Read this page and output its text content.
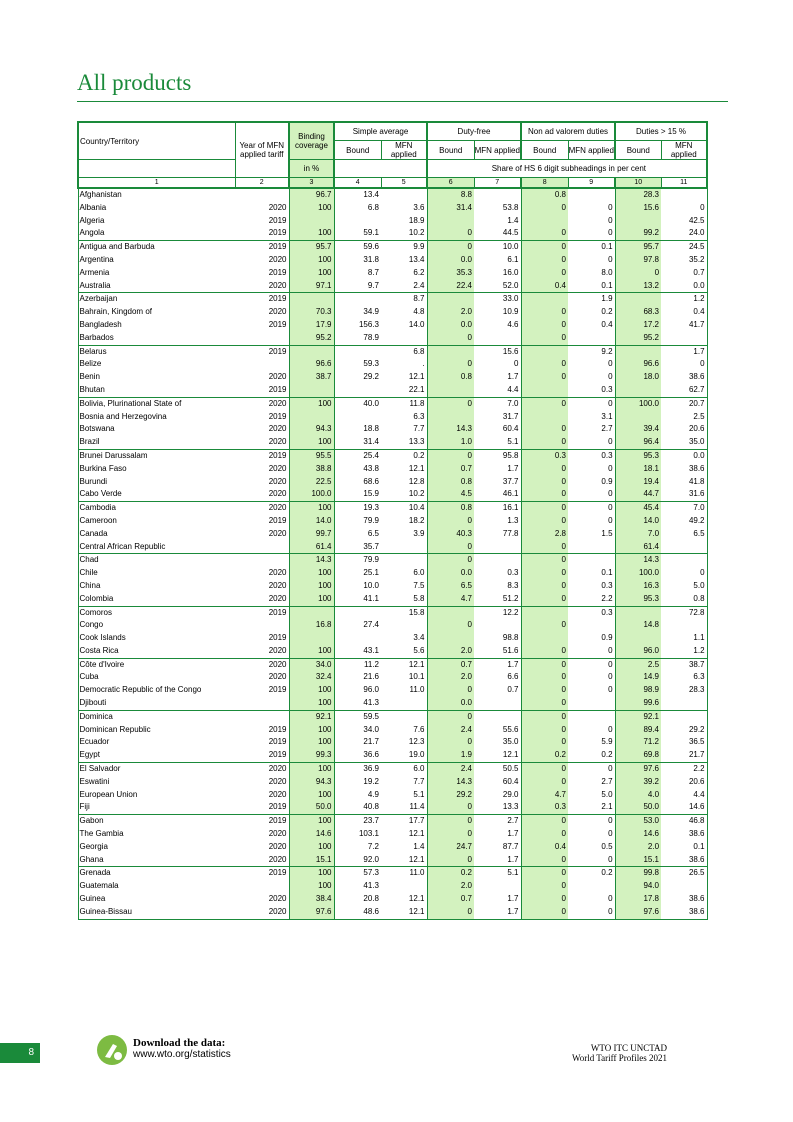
All products
Country/Territory	Year of MFN applied tariff	Binding coverage	Simple average		Duty-free		Non ad valorem duties		Duties > 15 %	
			Bound	MFN applied	Bound	MFN applied	Bound	MFN applied	Bound	MFN applied
		in %			Share of HS 6 digit subheadings in per cent					
1	2	3	4	5	6	7	8	9	10	11
Afghanistan		96.7	13.4		8.8		0.8		28.3	
Albania	2020	100	6.8	3.6	31.4	53.8	0	0	15.6	0
Algeria	2019			18.9		1.4		0		42.5
Angola	2019	100	59.1	10.2	0	44.5	0	0	99.2	24.0
Antigua and Barbuda	2019	95.7	59.6	9.9	0	10.0	0	0.1	95.7	24.5
Argentina	2020	100	31.8	13.4	0.0	6.1	0	0	97.8	35.2
Armenia	2019	100	8.7	6.2	35.3	16.0	0	8.0	0	0.7
Australia	2020	97.1	9.7	2.4	22.4	52.0	0.4	0.1	13.2	0.0
Azerbaijan	2019			8.7		33.0		1.9		1.2
Bahrain, Kingdom of	2020	70.3	34.9	4.8	2.0	10.9	0	0.2	68.3	0.4
Bangladesh	2019	17.9	156.3	14.0	0.0	4.6	0	0.4	17.2	41.7
Barbados		95.2	78.9		0		0		95.2	
Belarus	2019			6.8		15.6		9.2		1.7
Belize		96.6	59.3	.	0	0	0	0	96.6	0
Benin	2020	38.7	29.2	12.1	0.8	1.7	0	0	18.0	38.6
Bhutan	2019			22.1		4.4		0.3		62.7
Bolivia, Plurinational State of	2020	100	40.0	11.8	0	7.0	0	0	100.0	20.7
Bosnia and Herzegovina	2019			6.3		31.7		3.1		2.5
Botswana	2020	94.3	18.8	7.7	14.3	60.4	0	2.7	39.4	20.6
Brazil	2020	100	31.4	13.3	1.0	5.1	0	0	96.4	35.0
Brunei Darussalam	2019	95.5	25.4	0.2	0	95.8	0.3	0.3	95.3	0.0
Burkina Faso	2020	38.8	43.8	12.1	0.7	1.7	0	0	18.1	38.6
Burundi	2020	22.5	68.6	12.8	0.8	37.7	0	0.9	19.4	41.8
Cabo Verde	2020	100.0	15.9	10.2	4.5	46.1	0	0	44.7	31.6
Cambodia	2020	100	19.3	10.4	0.8	16.1	0	0	45.4	7.0
Cameroon	2019	14.0	79.9	18.2	0	1.3	0	0	14.0	49.2
Canada	2020	99.7	6.5	3.9	40.3	77.8	2.8	1.5	7.0	6.5
Central African Republic		61.4	35.7		0		0		61.4	
Chad		14.3	79.9		0		0		14.3	
Chile	2020	100	25.1	6.0	0.0	0.3	0	0.1	100.0	0
China	2020	100	10.0	7.5	6.5	8.3	0	0.3	16.3	5.0
Colombia	2020	100	41.1	5.8	4.7	51.2	0	2.2	95.3	0.8
Comoros	2019			15.8		12.2		0.3		72.8
Congo		16.8	27.4		0		0		14.8	
Cook Islands	2019			3.4		98.8		0.9		1.1
Costa Rica	2020	100	43.1	5.6	2.0	51.6	0	0	96.0	1.2
Côte d'Ivoire	2020	34.0	11.2	12.1	0.7	1.7	0	0	2.5	38.7
Cuba	2020	32.4	21.6	10.1	2.0	6.6	0	0	14.9	6.3
Democratic Republic of the Congo	2019	100	96.0	11.0	0	0.7	0	0	98.9	28.3
Djibouti		100	41.3		0.0		0		99.6	
Dominica		92.1	59.5		0		0		92.1	
Dominican Republic	2019	100	34.0	7.6	2.4	55.6	0	0	89.4	29.2
Ecuador	2019	100	21.7	12.3	0	35.0	0	5.9	71.2	36.5
Egypt	2019	99.3	36.6	19.0	1.9	12.1	0.2	0.2	69.8	21.7
El Salvador	2020	100	36.9	6.0	2.4	50.5	0	0	97.6	2.2
Eswatini	2020	94.3	19.2	7.7	14.3	60.4	0	2.7	39.2	20.6
European Union	2020	100	4.9	5.1	29.2	29.0	4.7	5.0	4.0	4.4
Fiji	2019	50.0	40.8	11.4	0	13.3	0.3	2.1	50.0	14.6
Gabon	2019	100	23.7	17.7	0	2.7	0	0	53.0	46.8
The Gambia	2020	14.6	103.1	12.1	0	1.7	0	0	14.6	38.6
Georgia	2020	100	7.2	1.4	24.7	87.7	0.4	0.5	2.0	0.1
Ghana	2020	15.1	92.0	12.1	0	1.7	0	0	15.1	38.6
Grenada	2019	100	57.3	11.0	0.2	5.1	0	0.2	99.8	26.5
Guatemala		100	41.3		2.0		0		94.0	
Guinea	2020	38.4	20.8	12.1	0.7	1.7	0	0	17.8	38.6
Guinea-Bissau	2020	97.6	48.6	12.1	0	1.7	0	0	97.6	38.6
8
Download the data:
www.wto.org/statistics
WTO ITC UNCTAD
World Tariff Profiles 2021
